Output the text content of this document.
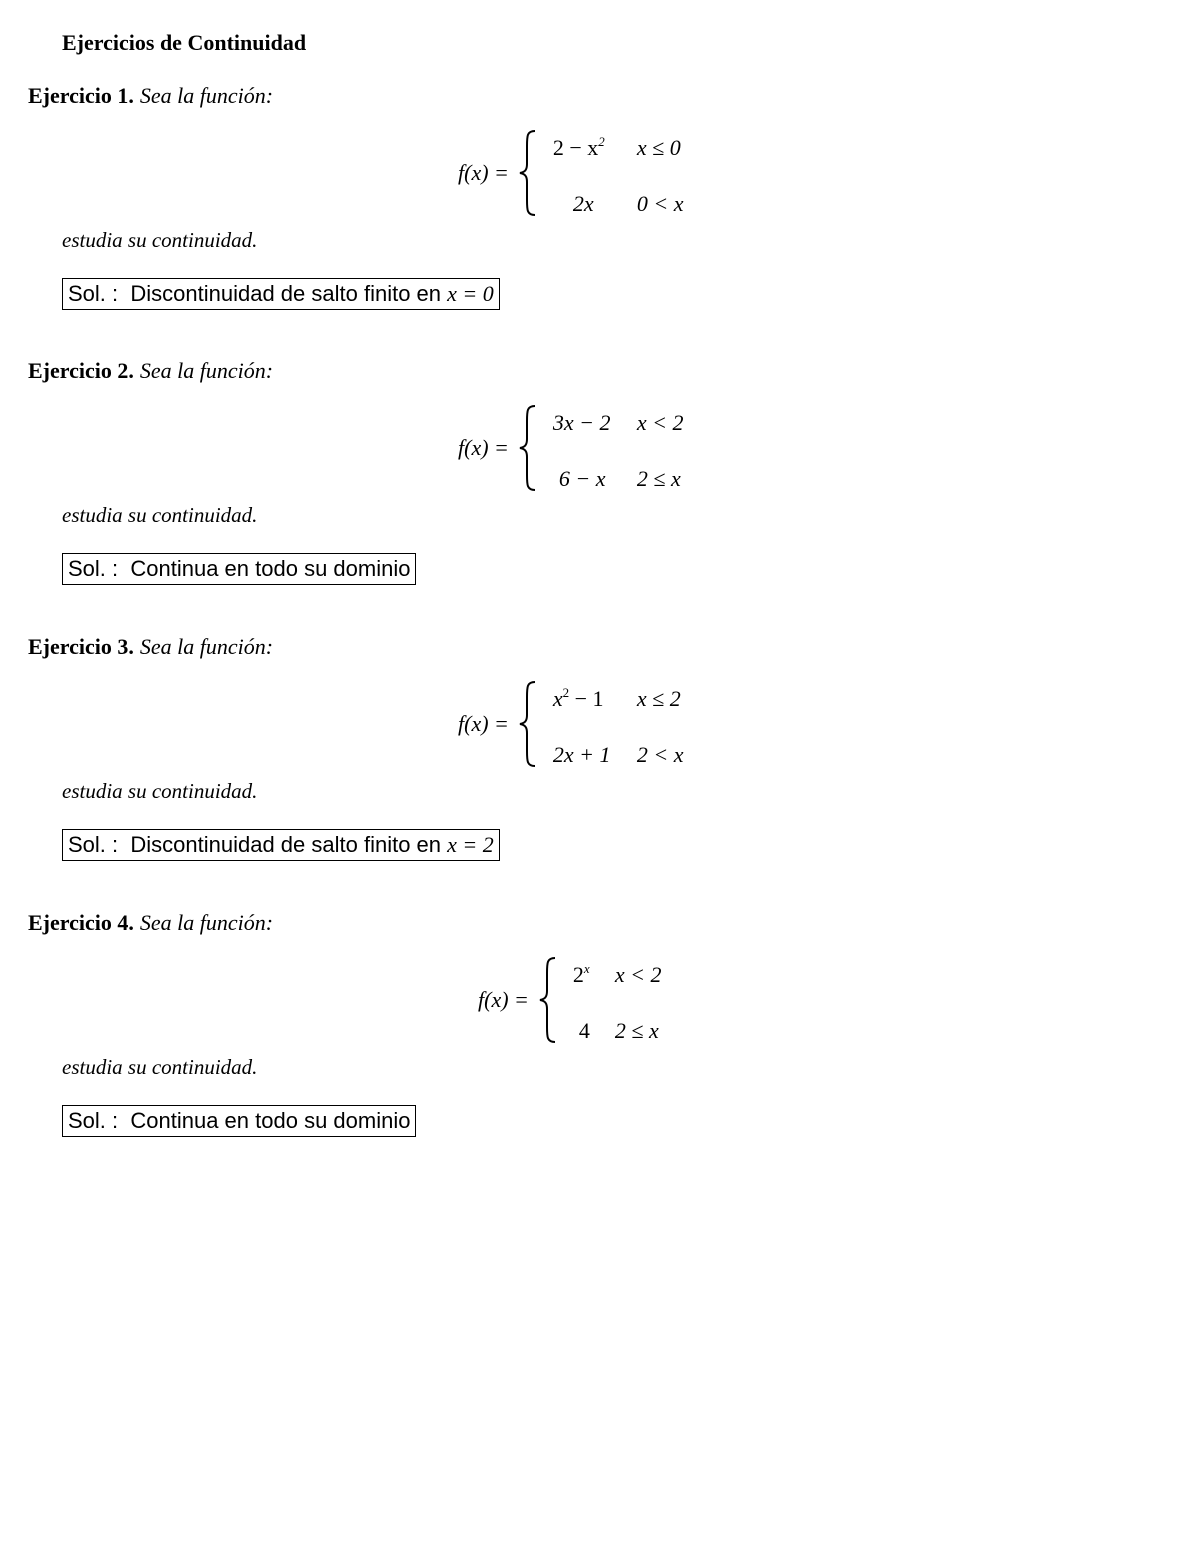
Ejercicios de Continuidad
Ejercicio 1. Sea la función:
f(x) =
$2 - x^2$ x ≤ 0
2x 0 < x
estudia su continuidad.
Sol. : Discontinuidad de salto finito en x = 0
Ejercicio 2. Sea la función:
f(x) =
3x − 2 x < 2
6 − x 2 ≤ x
estudia su continuidad.
Sol. : Continua en todo su dominio
Ejercicio 3. Sea la función:
f(x) =
$x^2 - 1$ x ≤ 2
2x + 1 2 < x
estudia su continuidad.
Sol. : Discontinuidad de salto finito en x = 2
Ejercicio 4. Sea la función:
f(x) =
$2^x$ x < 2
4 2 ≤ x
estudia su continuidad.
Sol. : Continua en todo su dominio
